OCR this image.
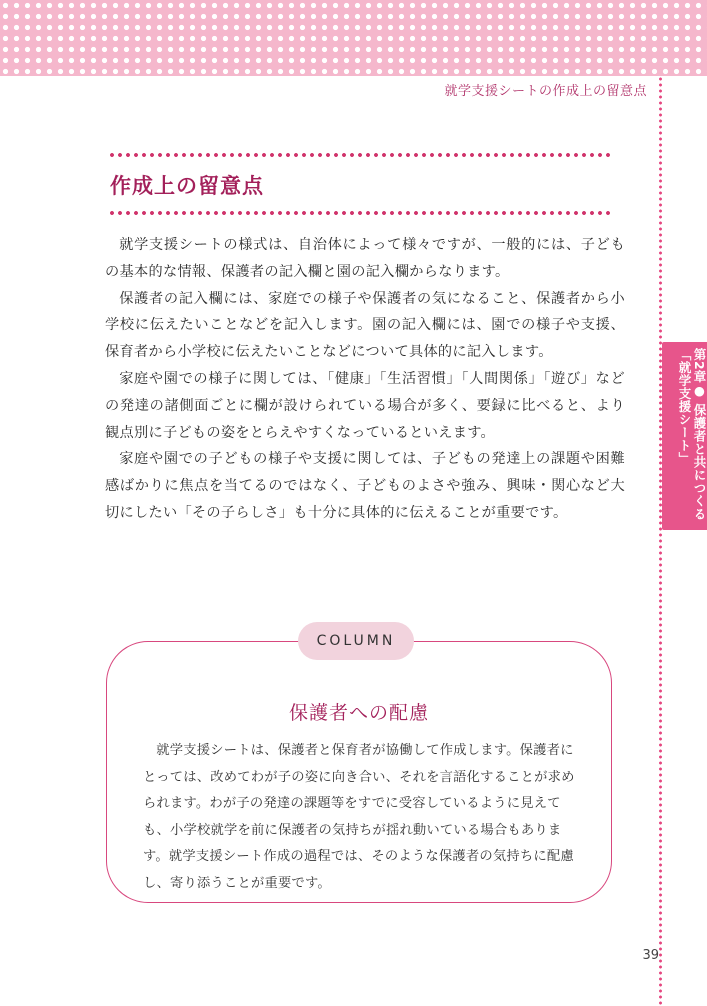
就学支援シートの作成上の留意点
作成上の留意点

就学支援シートの様式は、自治体によって様々ですが、一般的には、子どもの基本的な情報、保護者の記入欄と園の記入欄からなります。

保護者の記入欄には、家庭での様子や保護者の気になること、保護者から小学校に伝えたいことなどを記入します。園の記入欄には、園での様子や支援、保育者から小学校に伝えたいことなどについて具体的に記入します。

家庭や園での様子に関しては、「健康」「生活習慣」「人間関係」「遊び」などの発達の諸側面ごとに欄が設けられている場合が多く、要録に比べると、より観点別に子どもの姿をとらえやすくなっているといえます。

家庭や園での子どもの様子や支援に関しては、子どもの発達上の課題や困難感ばかりに焦点を当てるのではなく、子どものよさや強み、興味・関心など大切にしたい「その子らしさ」も十分に具体的に伝えることが重要です。	第2章● 保護者と共につくる「就学支援シート」
COLUMN
保護者への配慮

就学支援シートは、保護者と保育者が協働して作成します。保護者にとっては、改めてわが子の姿に向き合い、それを言語化することが求められます。わが子の発達の課題等をすでに受容しているように見えても、小学校就学を前に保護者の気持ちが揺れ動いている場合もあります。就学支援シート作成の過程では、そのような保護者の気持ちに配慮し、寄り添うことが重要です。

39
